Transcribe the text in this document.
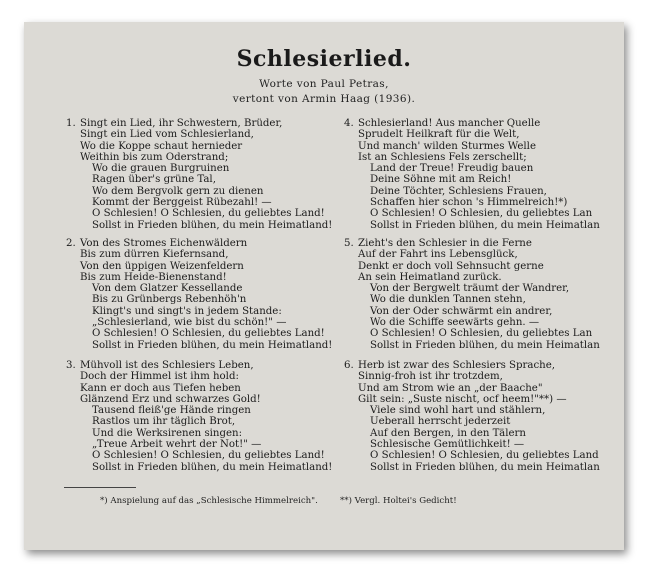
Schlesierlied.
Worte von Paul Petras,
vertont von Armin Haag (1936).
1. Singt ein Lied, ihr Schwestern, Brüder,
Singt ein Lied vom Schlesierland,
Wo die Koppe schaut hernieder
Weithin bis zum Oderstrand;
Wo die grauen Burgruinen
Ragen über's grüne Tal,
Wo dem Bergvolk gern zu dienen
Kommt der Berggeist Rübezahl! —
O Schlesien! O Schlesien, du geliebtes Land!
Sollst in Frieden blühen, du mein Heimatland!
2. Von des Stromes Eichenwäldern
Bis zum dürren Kiefernsand,
Von den üppigen Weizenfeldern
Bis zum Heide-Bienenstand!
Von dem Glatzer Kessellande
Bis zu Grünbergs Rebenhöh'n
Klingt's und singt's in jedem Stande:
„Schlesierland, wie bist du schön!" —
O Schlesien! O Schlesien, du geliebtes Land!
Sollst in Frieden blühen, du mein Heimatland!
3. Mühvoll ist des Schlesiers Leben,
Doch der Himmel ist ihm hold:
Kann er doch aus Tiefen heben
Glänzend Erz und schwarzes Gold!
Tausend fleiß'ge Hände ringen
Rastlos um ihr täglich Brot,
Und die Werksirenen singen:
„Treue Arbeit wehrt der Not!" —
O Schlesien! O Schlesien, du geliebtes Land!
Sollst in Frieden blühen, du mein Heimatland!
4. Schlesierland! Aus mancher Quelle
Sprudelt Heilkraft für die Welt,
Und manch' wilden Sturmes Welle
Ist an Schlesiens Fels zerschellt;
Land der Treue! Freudig bauen
Deine Söhne mit am Reich!
Deine Töchter, Schlesiens Frauen,
Schaffen hier schon 's Himmelreich!*)
O Schlesien! O Schlesien, du geliebtes Lan
Sollst in Frieden blühen, du mein Heimatlan
5. Zieht's den Schlesier in die Ferne
Auf der Fahrt ins Lebensglück,
Denkt er doch voll Sehnsucht gerne
An sein Heimatland zurück.
Von der Bergwelt träumt der Wandrer,
Wo die dunklen Tannen stehn,
Von der Oder schwärmt ein andrer,
Wo die Schiffe seewärts gehn. —
O Schlesien! O Schlesien, du geliebtes Lan
Sollst in Frieden blühen, du mein Heimatlan
6. Herb ist zwar des Schlesiers Sprache,
Sinnig-froh ist ihr trotzdem,
Und am Strom wie an „der Baache"
Gilt sein: „Suste nischt, ocf heem!"**) —
Viele sind wohl hart und stählern,
Ueberall herrscht jederzeit
Auf den Bergen, in den Tälern
Schlesische Gemütlichkeit! —
O Schlesien! O Schlesien, du geliebtes Land
Sollst in Frieden blühen, du mein Heimatlan
*) Anspielung auf das „Schlesische Himmelreich".	**) Vergl. Holtei's Gedicht!
